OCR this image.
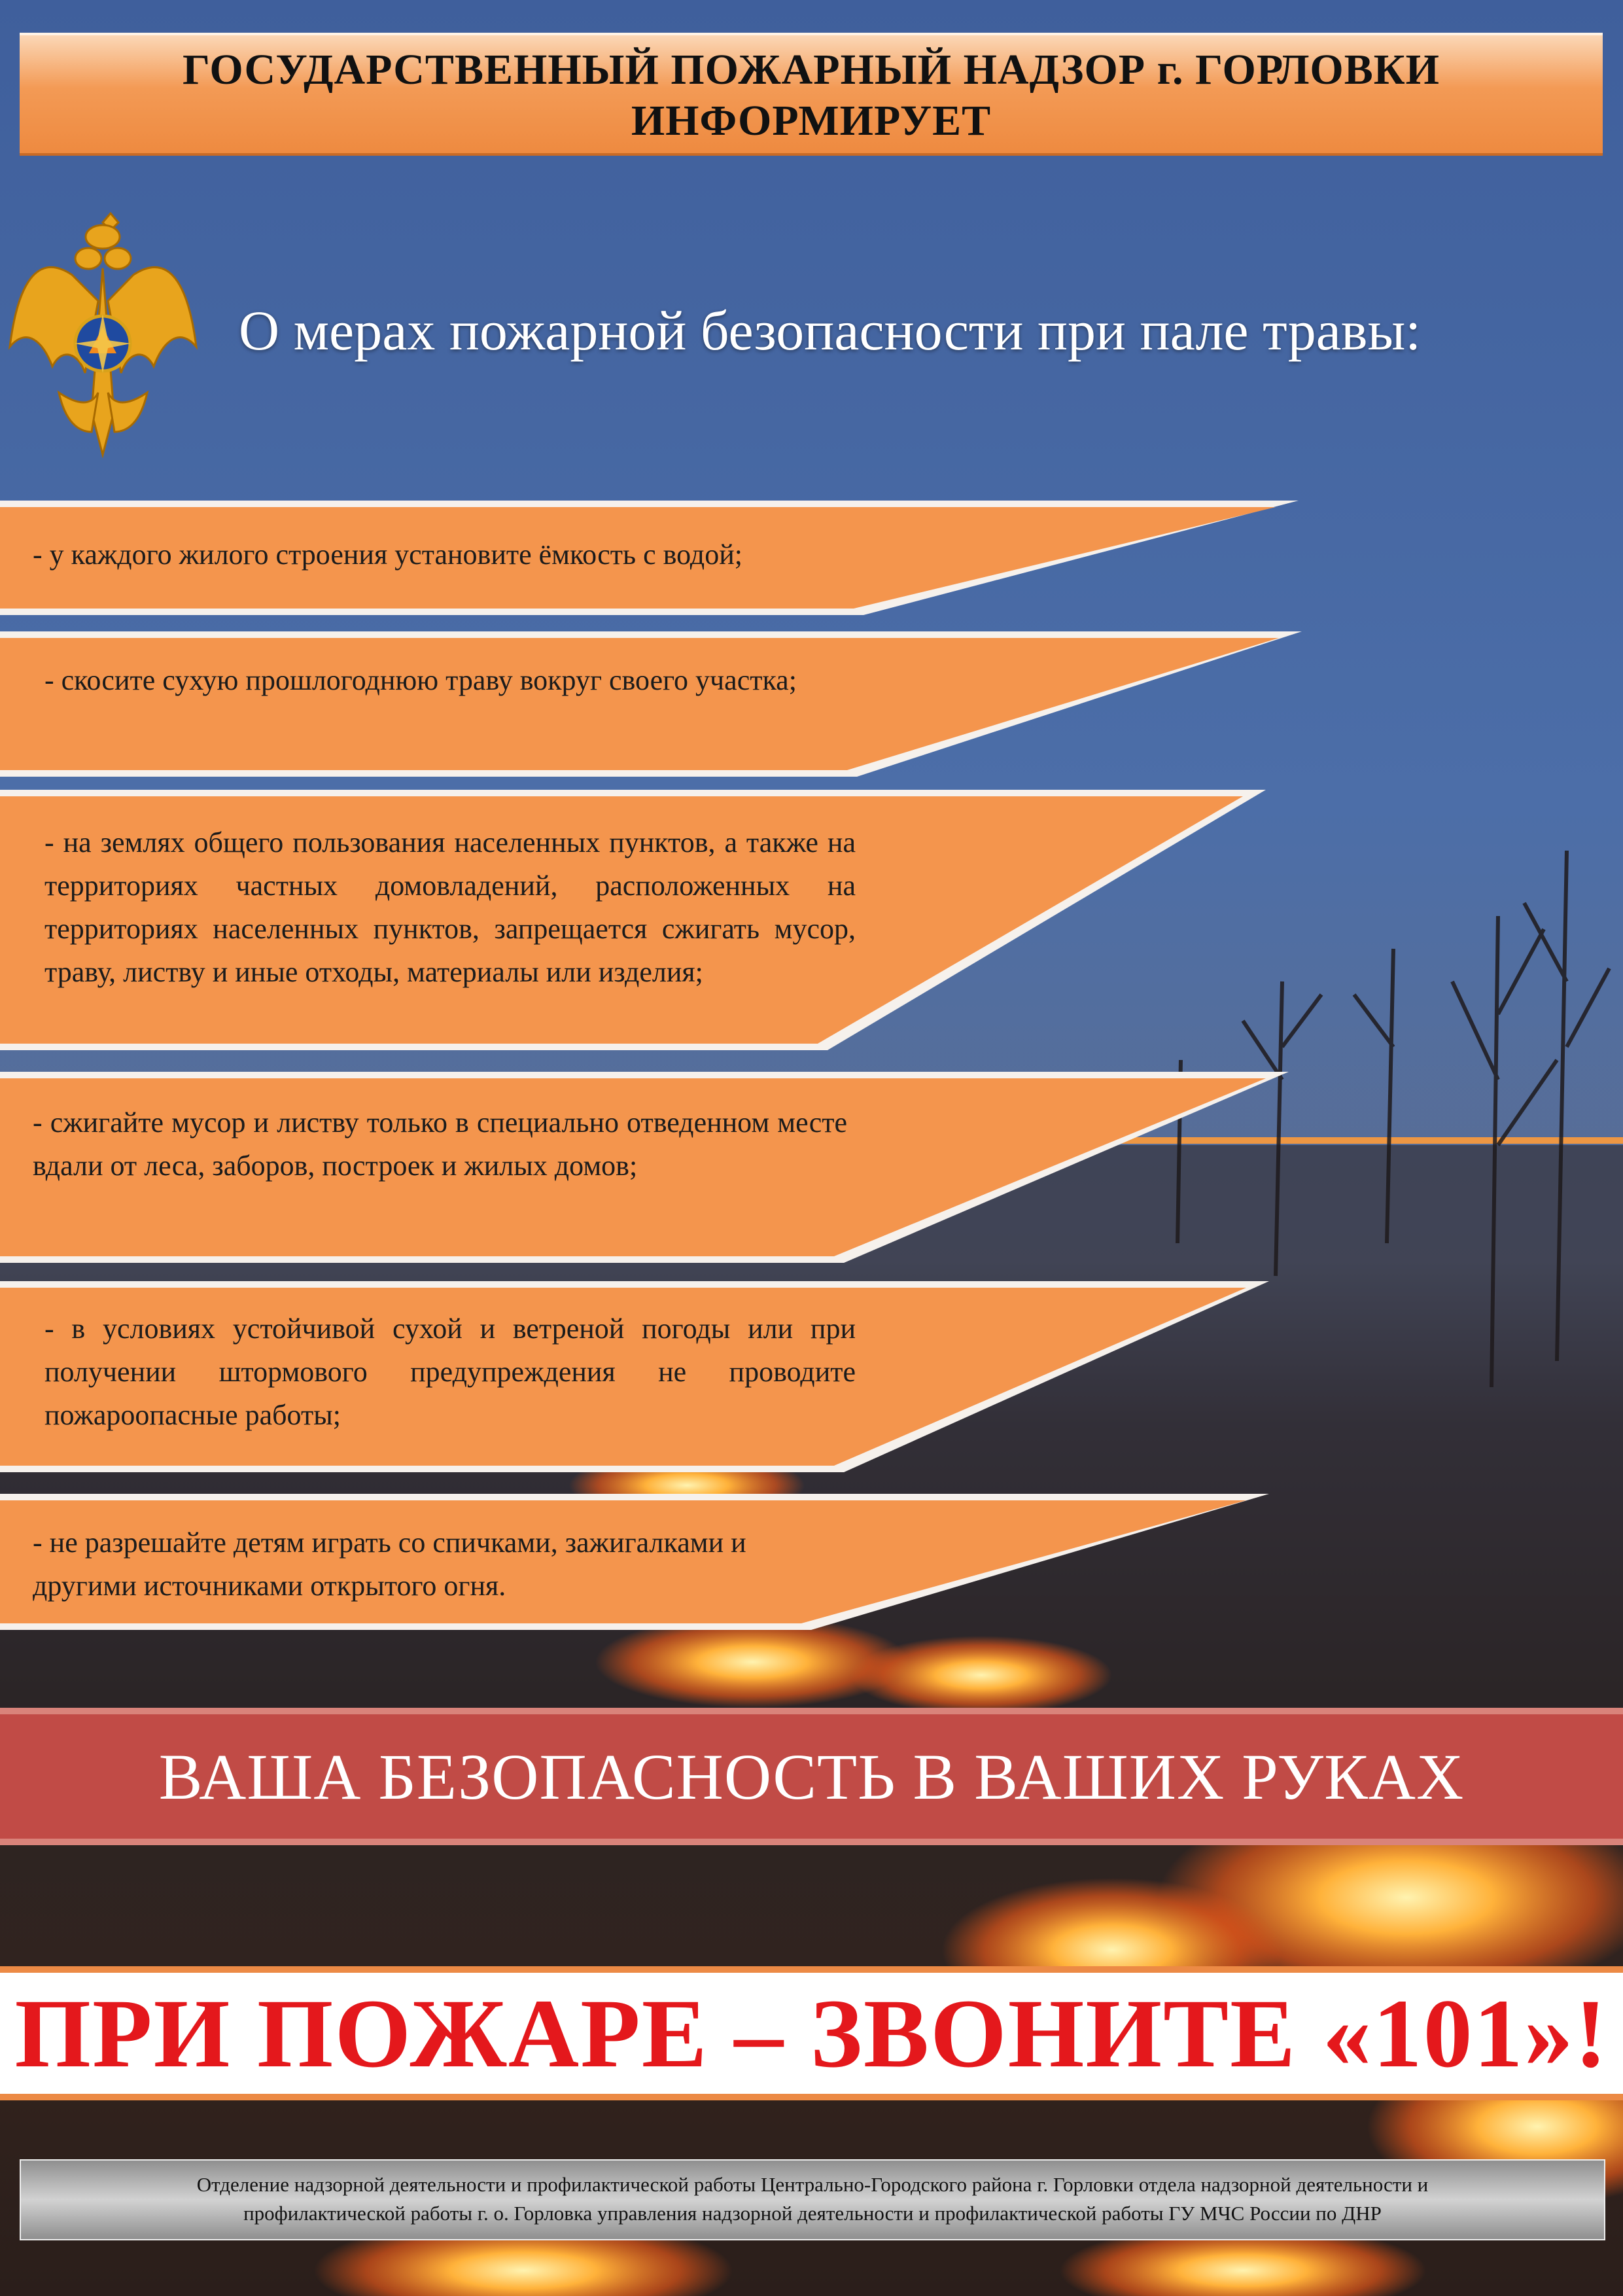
ГОСУДАРСТВЕННЫЙ ПОЖАРНЫЙ НАДЗОР г. ГОРЛОВКИ
ИНФОРМИРУЕТ
О мерах пожарной безопасности при пале травы:
- у каждого жилого строения установите ёмкость с водой;
- скосите сухую прошлогоднюю траву вокруг своего участка;
- на землях общего пользования населенных пунктов, а также на территориях частных домовладений, расположенных на территориях населенных пунктов, запрещается сжигать мусор, траву, листву и иные отходы, материалы или изделия;
- сжигайте мусор и листву только в специально отведенном месте вдали от леса, заборов, построек и жилых домов;
- в условиях устойчивой сухой и ветреной погоды или при получении штормового предупреждения не проводите пожароопасные работы;
- не разрешайте детям играть со спичками, зажигалками и другими источниками открытого огня.
ВАША БЕЗОПАСНОСТЬ В ВАШИХ РУКАХ
ПРИ ПОЖАРЕ – ЗВОНИТЕ «101»!
Отделение надзорной деятельности и профилактической работы Центрально-Городского района г. Горловки отдела надзорной деятельности и
профилактической работы г. о. Горловка управления надзорной деятельности и профилактической работы ГУ МЧС России по ДНР
